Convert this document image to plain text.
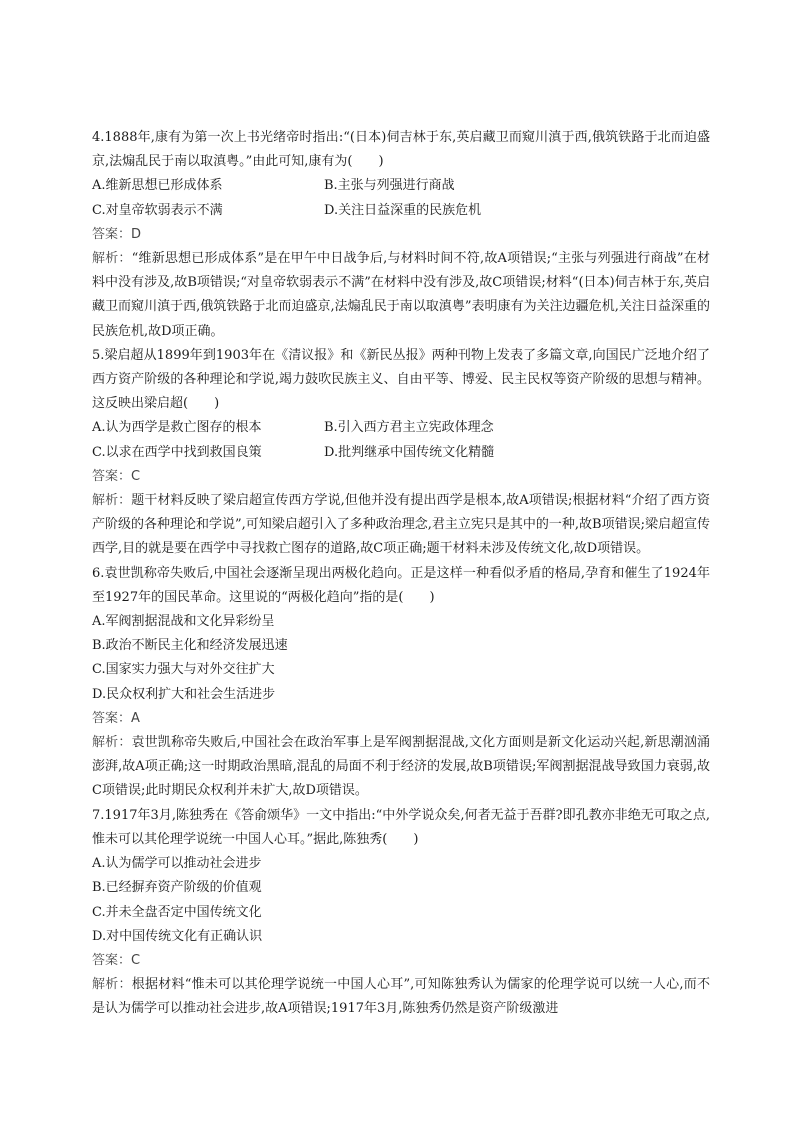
4.1888年,康有为第一次上书光绪帝时指出:“(日本)伺吉林于东,英启藏卫而窥川滇于西,俄筑铁路于北而迫盛京,法煽乱民于南以取滇粤。”由此可知,康有为(　　)

A.维新思想已形成体系	B.主张与列强进行商战

C.对皇帝软弱表示不满	D.关注日益深重的民族危机

答案：D

解析：“维新思想已形成体系”是在甲午中日战争后,与材料时间不符,故A项错误;“主张与列强进行商战”在材料中没有涉及,故B项错误;“对皇帝软弱表示不满”在材料中没有涉及,故C项错误;材料“(日本)伺吉林于东,英启藏卫而窥川滇于西,俄筑铁路于北而迫盛京,法煽乱民于南以取滇粤”表明康有为关注边疆危机,关注日益深重的民族危机,故D项正确。

5.梁启超从1899年到1903年在《清议报》和《新民丛报》两种刊物上发表了多篇文章,向国民广泛地介绍了西方资产阶级的各种理论和学说,竭力鼓吹民族主义、自由平等、博爱、民主民权等资产阶级的思想与精神。这反映出梁启超(　　)

A.认为西学是救亡图存的根本	B.引入西方君主立宪政体理念

C.以求在西学中找到救国良策	D.批判继承中国传统文化精髓

答案：C

解析：题干材料反映了梁启超宣传西方学说,但他并没有提出西学是根本,故A项错误;根据材料“介绍了西方资产阶级的各种理论和学说”,可知梁启超引入了多种政治理念,君主立宪只是其中的一种,故B项错误;梁启超宣传西学,目的就是要在西学中寻找救亡图存的道路,故C项正确;题干材料未涉及传统文化,故D项错误。

6.袁世凯称帝失败后,中国社会逐渐呈现出两极化趋向。正是这样一种看似矛盾的格局,孕育和催生了1924年至1927年的国民革命。这里说的“两极化趋向”指的是(　　)

A.军阀割据混战和文化异彩纷呈

B.政治不断民主化和经济发展迅速

C.国家实力强大与对外交往扩大

D.民众权利扩大和社会生活进步

答案：A

解析：袁世凯称帝失败后,中国社会在政治军事上是军阀割据混战,文化方面则是新文化运动兴起,新思潮汹涌澎湃,故A项正确;这一时期政治黑暗,混乱的局面不利于经济的发展,故B项错误;军阀割据混战导致国力衰弱,故C项错误;此时期民众权利并未扩大,故D项错误。

7.1917年3月,陈独秀在《答俞颂华》一文中指出:“中外学说众矣,何者无益于吾群?即孔教亦非绝无可取之点,惟未可以其伦理学说统一中国人心耳。”据此,陈独秀(　　)

A.认为儒学可以推动社会进步

B.已经摒弃资产阶级的价值观

C.并未全盘否定中国传统文化

D.对中国传统文化有正确认识

答案：C

解析：根据材料“惟未可以其伦理学说统一中国人心耳”,可知陈独秀认为儒家的伦理学说可以统一人心,而不是认为儒学可以推动社会进步,故A项错误;1917年3月,陈独秀仍然是资产阶级激进
